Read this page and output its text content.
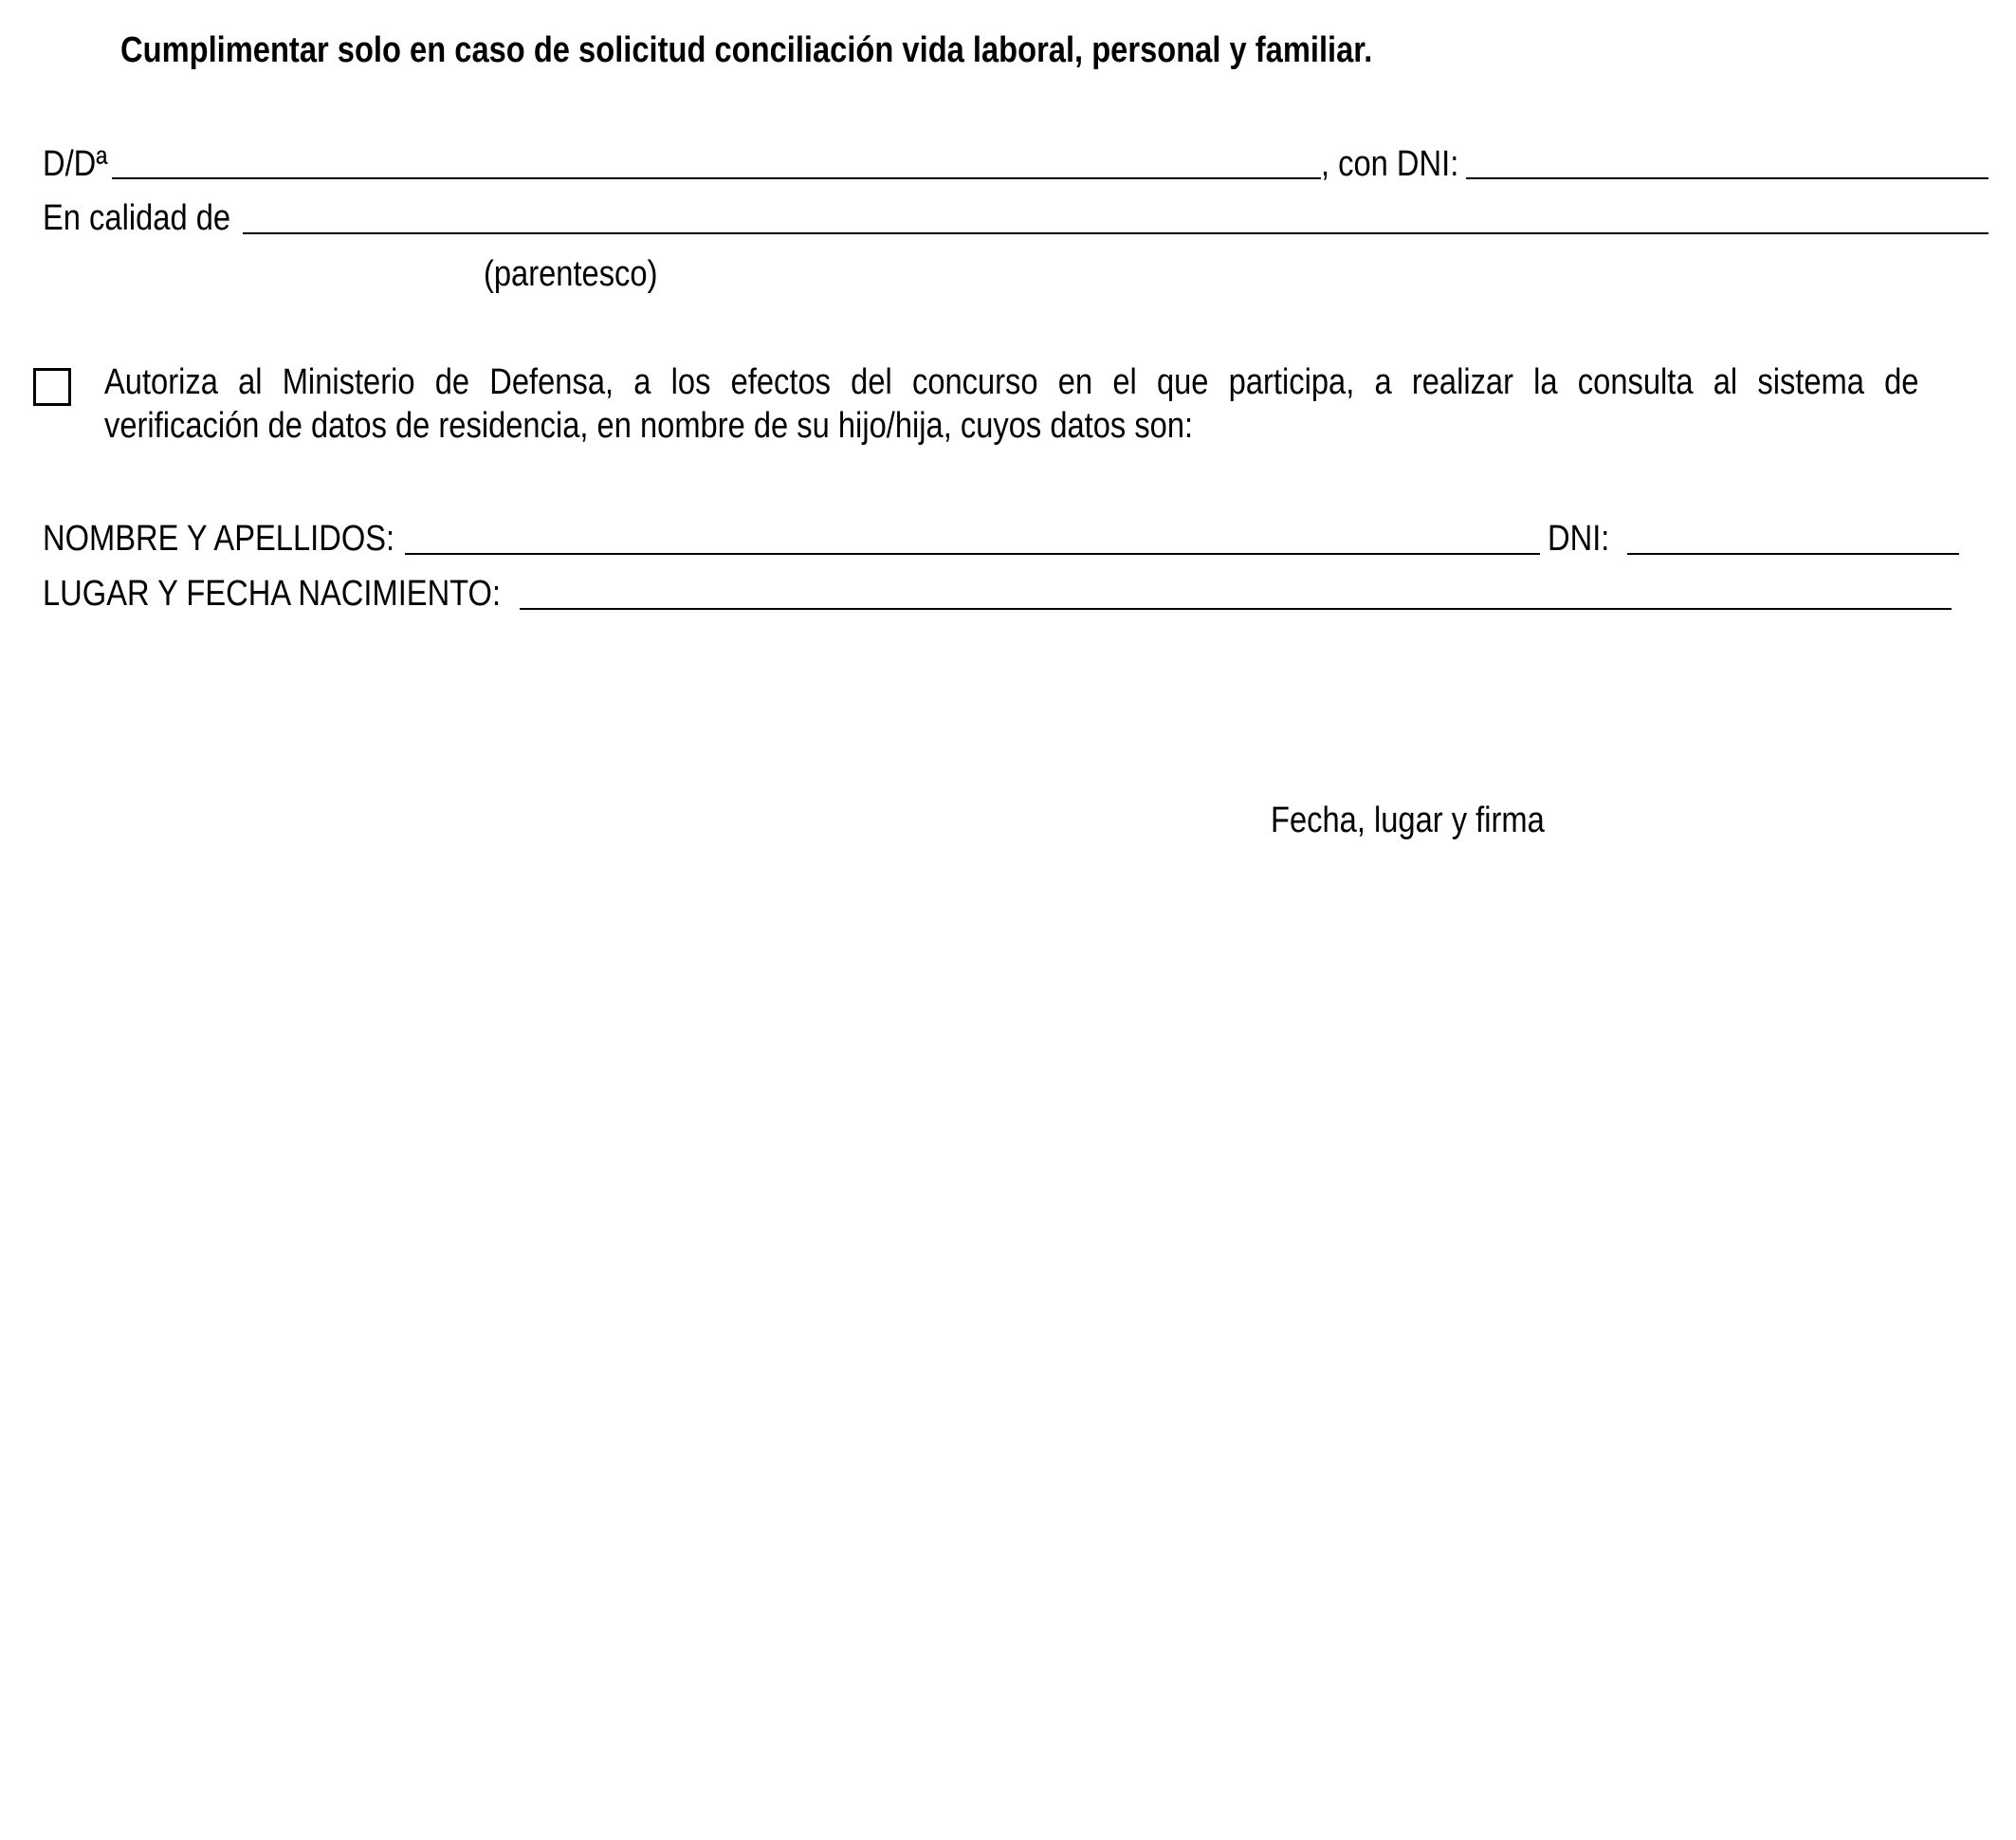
Cumplimentar solo en caso de solicitud conciliación vida laboral, personal y familiar.
D/Dª	, con DNI:
En calidad de
(parentesco)
Autoriza al Ministerio de Defensa, a los efectos del concurso en el que participa, a realizar la consulta al sistema de
verificación de datos de residencia, en nombre de su hijo/hija, cuyos datos son:
NOMBRE Y APELLIDOS:	DNI:
LUGAR Y FECHA NACIMIENTO:
Fecha, lugar y firma
